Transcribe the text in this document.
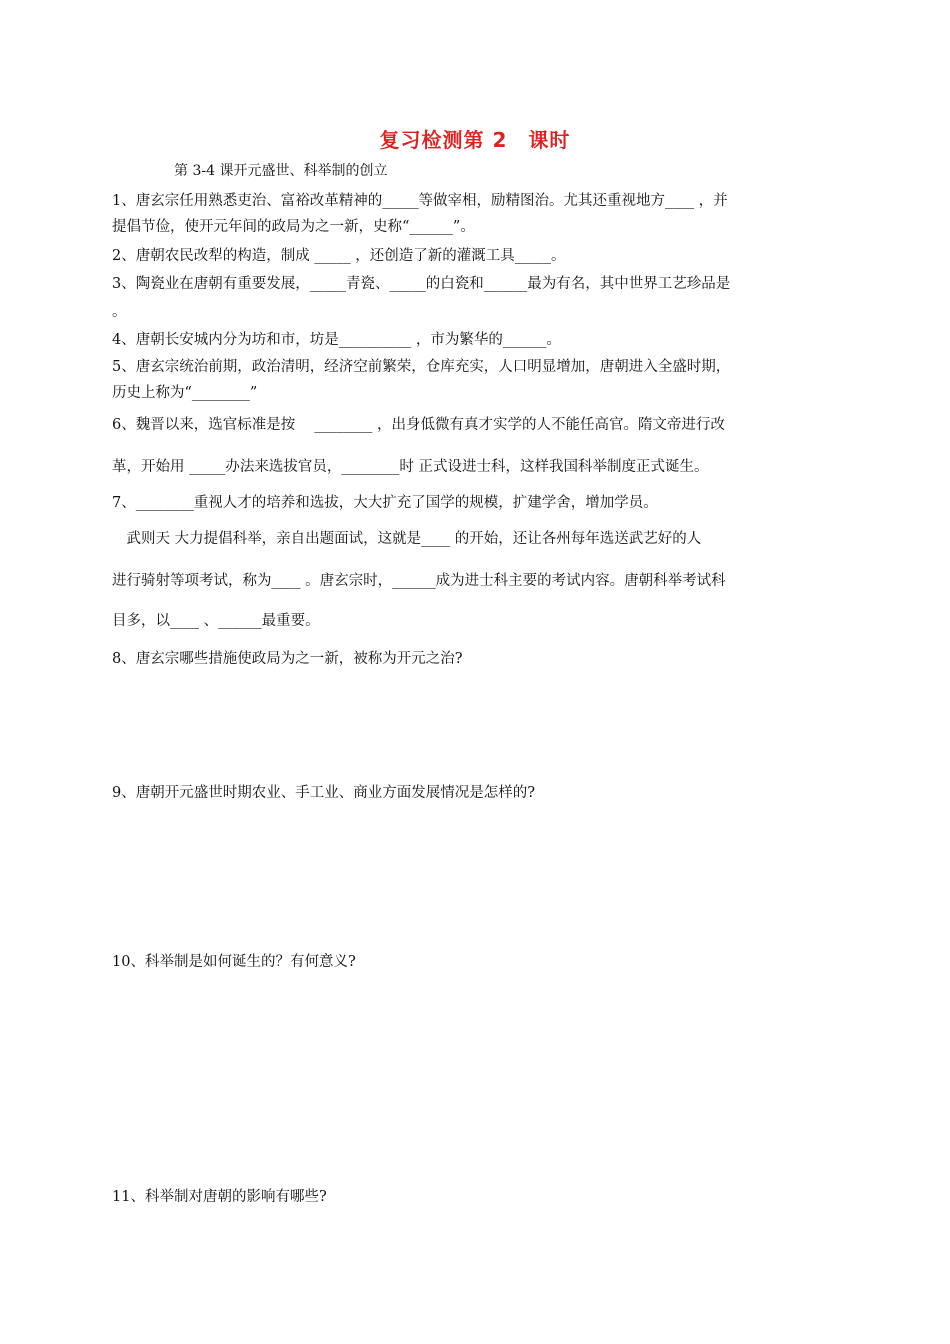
复习检测第 2　课时
第 3-4 课开元盛世、科举制的创立
1、唐玄宗任用熟悉吏治、富裕改革精神的_____等做宰相，励精图治。尤其还重视地方____ ，并
提倡节俭，使开元年间的政局为之一新，史称“______”。
2、唐朝农民改犁的构造，制成 _____ ，还创造了新的灌溉工具_____。
3、陶瓷业在唐朝有重要发展，_____青瓷、_____的白瓷和______最为有名，其中世界工艺珍品是
。
4、唐朝长安城内分为坊和市，坊是__________ ，市为繁华的______。
5、唐玄宗统治前期，政治清明，经济空前繁荣，仓库充实，人口明显增加，唐朝进入全盛时期，
历史上称为“________”
6、魏晋以来，选官标准是按　 ________ ，出身低微有真才实学的人不能任高官。隋文帝进行改
革，开始用 _____办法来选拔官员，________时 正式设进士科，这样我国科举制度正式诞生。
7、________重视人才的培养和选拔，大大扩充了国学的规模，扩建学舍，增加学员。
　武则天 大力提倡科举，亲自出题面试，这就是____ 的开始，还让各州每年选送武艺好的人
进行骑射等项考试，称为____ 。唐玄宗时，______成为进士科主要的考试内容。唐朝科举考试科
目多，以____ 、______最重要。
8、唐玄宗哪些措施使政局为之一新，被称为开元之治?
9、唐朝开元盛世时期农业、手工业、商业方面发展情况是怎样的?
10、科举制是如何诞生的？有何意义?
11、科举制对唐朝的影响有哪些?
